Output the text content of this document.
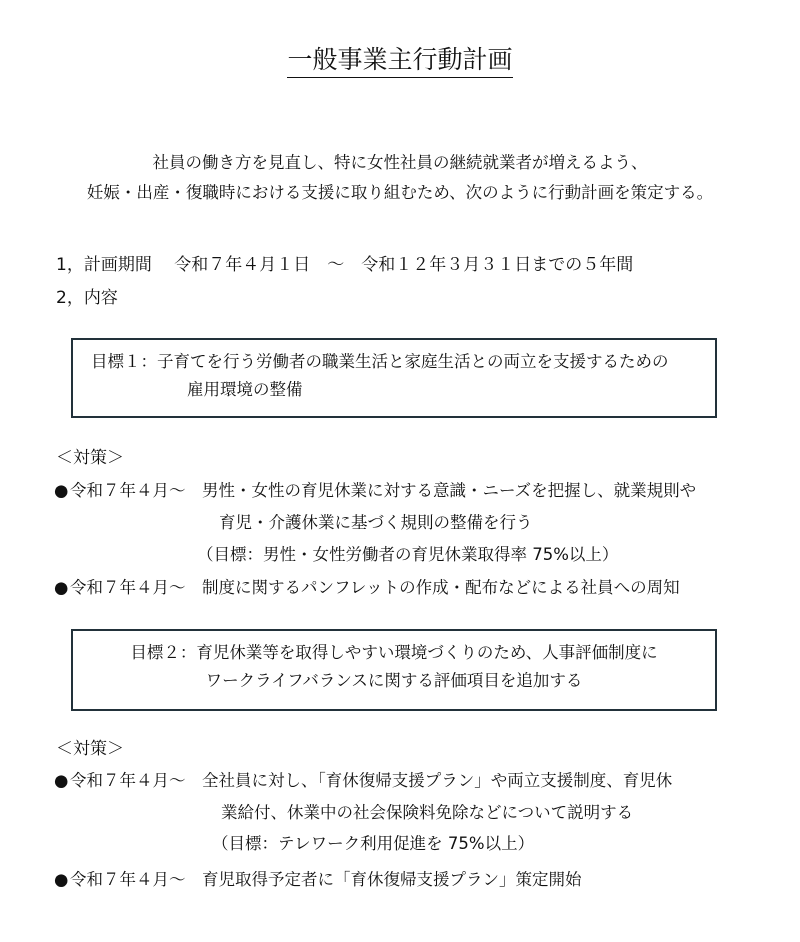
一般事業主行動計画
社員の働き方を見直し、特に女性社員の継続就業者が増えるよう、
妊娠・出産・復職時における支援に取り組むため、次のように行動計画を策定する。
1，計画期間　 令和７年４月１日　～　令和１２年３月３１日までの５年間
2，内容
目標１：子育てを行う労働者の職業生活と家庭生活との両立を支援するための
雇用環境の整備
＜対策＞
●令和７年４月～　男性・女性の育児休業に対する意識・ニーズを把握し、就業規則や
育児・介護休業に基づく規則の整備を行う
（目標：男性・女性労働者の育児休業取得率 75%以上）
●令和７年４月～　制度に関するパンフレットの作成・配布などによる社員への周知
目標２：育児休業等を取得しやすい環境づくりのため、人事評価制度に
ワークライフバランスに関する評価項目を追加する
＜対策＞
●令和７年４月～　全社員に対し、「育休復帰支援プラン」や両立支援制度、育児休
業給付、休業中の社会保険料免除などについて説明する
（目標：テレワーク利用促進を 75%以上）
●令和７年４月～　育児取得予定者に「育休復帰支援プラン」策定開始
